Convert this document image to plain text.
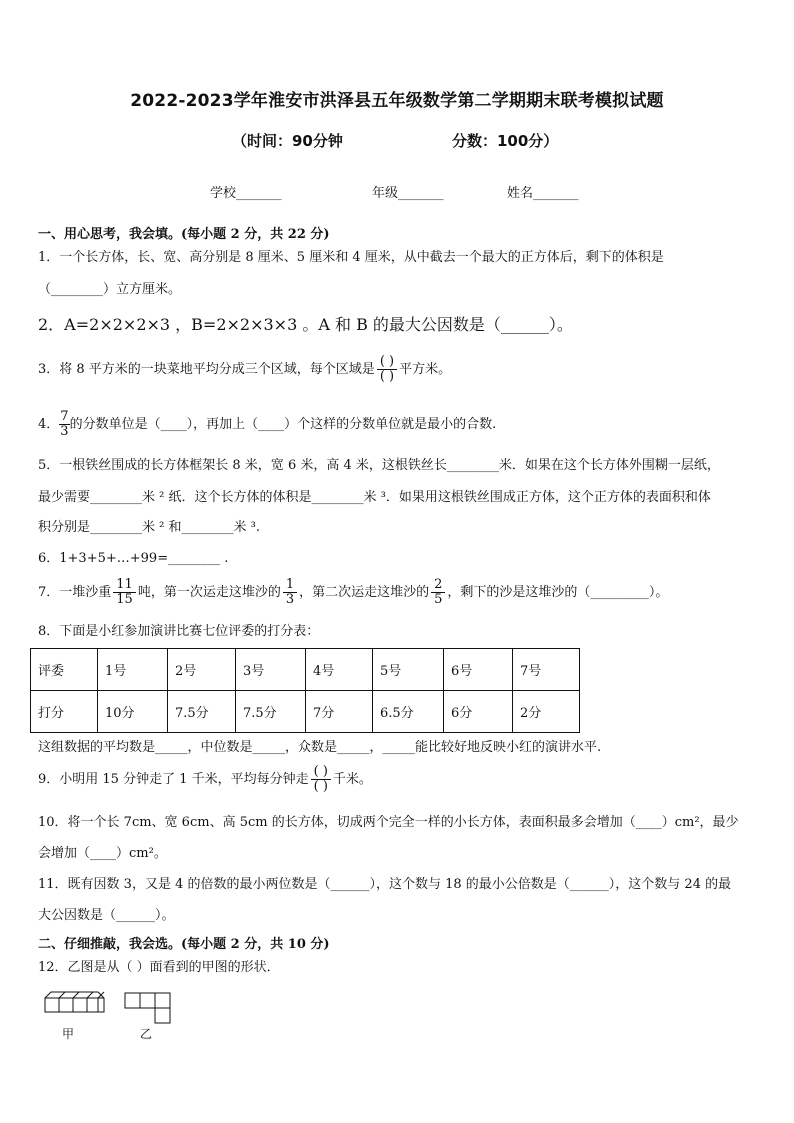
2022-2023学年淮安市洪泽县五年级数学第二学期期末联考模拟试题
（时间：90分钟	分数：100分）
学校_______	年级_______	姓名_______
一、用心思考，我会填。(每小题 2 分，共 22 分)
1．一个长方体，长、宽、高分别是 8 厘米、5 厘米和 4 厘米，从中截去一个最大的正方体后，剩下的体积是
（________）立方厘米。
2．A=2×2×2×3 ，B=2×2×3×3 。A 和 B 的最大公因数是（______）。
3．将 8 平方米的一块菜地平均分成三个区域，每个区域是 $\frac{( )}{( )}$ 平方米。
4． $\frac{7}{3}$ 的分数单位是（____），再加上（____）个这样的分数单位就是最小的合数.
5．一根铁丝围成的长方体框架长 8 米，宽 6 米，高 4 米，这根铁丝长________米．如果在这个长方体外围糊一层纸，
最少需要________米 ² 纸．这个长方体的体积是________米 ³．如果用这根铁丝围成正方体，这个正方体的表面积和体
积分别是________米 ² 和________米 ³.
6．1+3+5+…+99=________ .
7．一堆沙重 $\frac{11}{15}$ 吨，第一次运走这堆沙的 $\frac{1}{3}$ ，第二次运走这堆沙的 $\frac{2}{5}$ ，剩下的沙是这堆沙的（_________）。
8．下面是小红参加演讲比赛七位评委的打分表：
评委	1号	2号	3号	4号	5号	6号	7号
打分	10分	7.5分	7.5分	7分	6.5分	6分	2分
这组数据的平均数是_____，中位数是_____，众数是_____，_____能比较好地反映小红的演讲水平.
9．小明用 15 分钟走了 1 千米，平均每分钟走 $\frac{( )}{( )}$ 千米。
10．将一个长 7cm、宽 6cm、高 5cm 的长方体，切成两个完全一样的小长方体，表面积最多会增加（____）cm²，最少
会增加（____）cm²。
11．既有因数 3，又是 4 的倍数的最小两位数是（______），这个数与 18 的最小公倍数是（______），这个数与 24 的最
大公因数是（______）。
二、仔细推敲，我会选。(每小题 2 分，共 10 分)
12．乙图是从（ ）面看到的甲图的形状．
甲	乙
